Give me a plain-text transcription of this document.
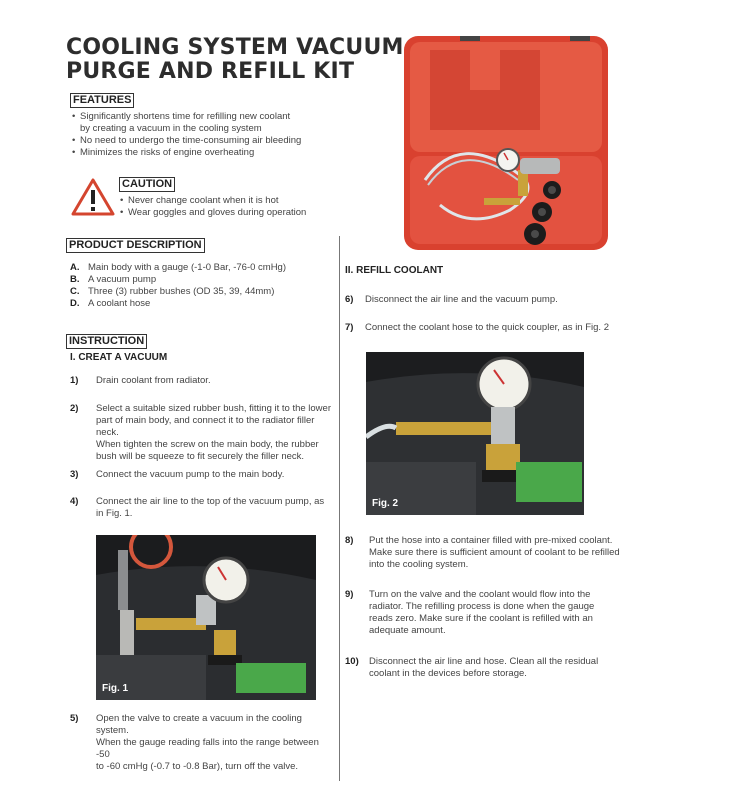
COOLING SYSTEM VACUUM
PURGE AND REFILL KIT
FEATURES
• Significantly shortens time for refilling new coolant
by creating a vacuum in the cooling system
• No need to undergo the time-consuming air bleeding
• Minimizes the risks of engine overheating
CAUTION
• Never change coolant when it is hot
• Wear goggles and gloves during operation
PRODUCT DESCRIPTION
A. Main body with a gauge (-1-0 Bar, -76-0 cmHg)
B. A vacuum pump
C. Three (3) rubber bushes (OD 35, 39, 44mm)
D. A coolant hose
INSTRUCTION
I. CREAT A VACUUM
1) Drain coolant from radiator.
2) Select a suitable sized rubber bush, fitting it to the lower
part of main body, and connect it to the radiator filler neck.
When tighten the screw on the main body, the rubber
bush will be squeeze to fit securely the filler neck.
3) Connect the vacuum pump to the main body.
4) Connect the air line to the top of the vacuum pump, as
in Fig. 1.
Fig. 1
5) Open the valve to create a vacuum in the cooling system.
When the gauge reading falls into the range between -50
to -60 cmHg (-0.7 to -0.8 Bar), turn off the valve.
II. REFILL COOLANT
6) Disconnect the air line and the vacuum pump.
7) Connect the coolant hose to the quick coupler, as in Fig. 2
Fig. 2
8) Put the hose into a container filled with pre-mixed coolant.
Make sure there is sufficient amount of coolant to be refilled
into the cooling system.
9) Turn on the valve and the coolant would flow into the
radiator. The refilling process is done when the gauge
reads zero. Make sure if the coolant is refilled with an
adequate amount.
10) Disconnect the air line and hose. Clean all the residual
coolant in the devices before storage.
